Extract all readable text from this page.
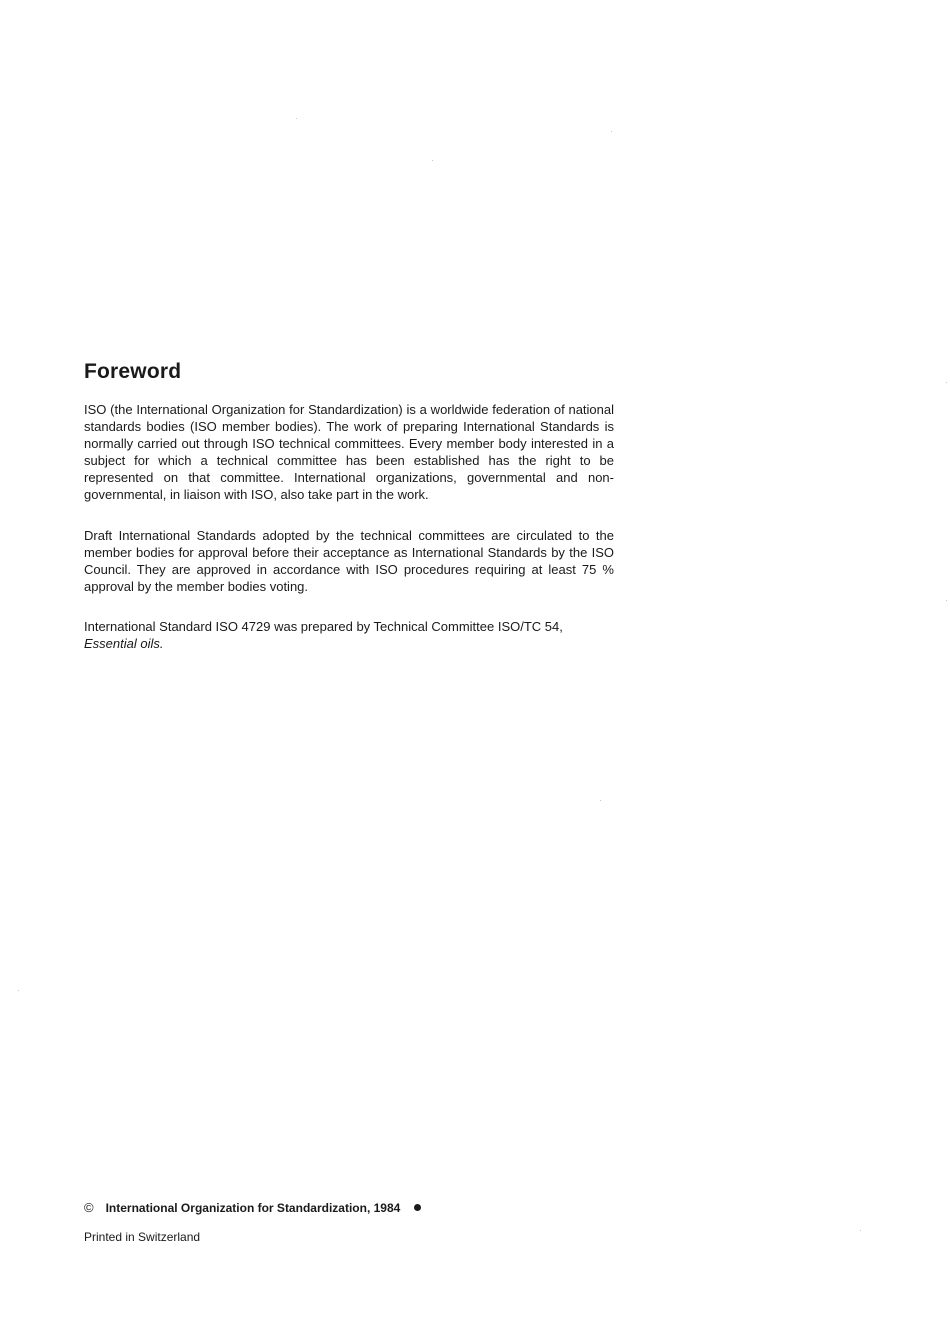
Foreword

ISO (the International Organization for Standardization) is a worldwide federation of national standards bodies (ISO member bodies). The work of preparing International Standards is normally carried out through ISO technical committees. Every member body interested in a subject for which a technical committee has been established has the right to be represented on that committee. International organizations, governmental and non-governmental, in liaison with ISO, also take part in the work.

Draft International Standards adopted by the technical committees are circulated to the member bodies for approval before their acceptance as International Standards by the ISO Council. They are approved in accordance with ISO procedures requiring at least 75 % approval by the member bodies voting.

International Standard ISO 4729 was prepared by Technical Committee ISO/TC 54,
Essential oils.

© International Organization for Standardization, 1984

Printed in Switzerland
